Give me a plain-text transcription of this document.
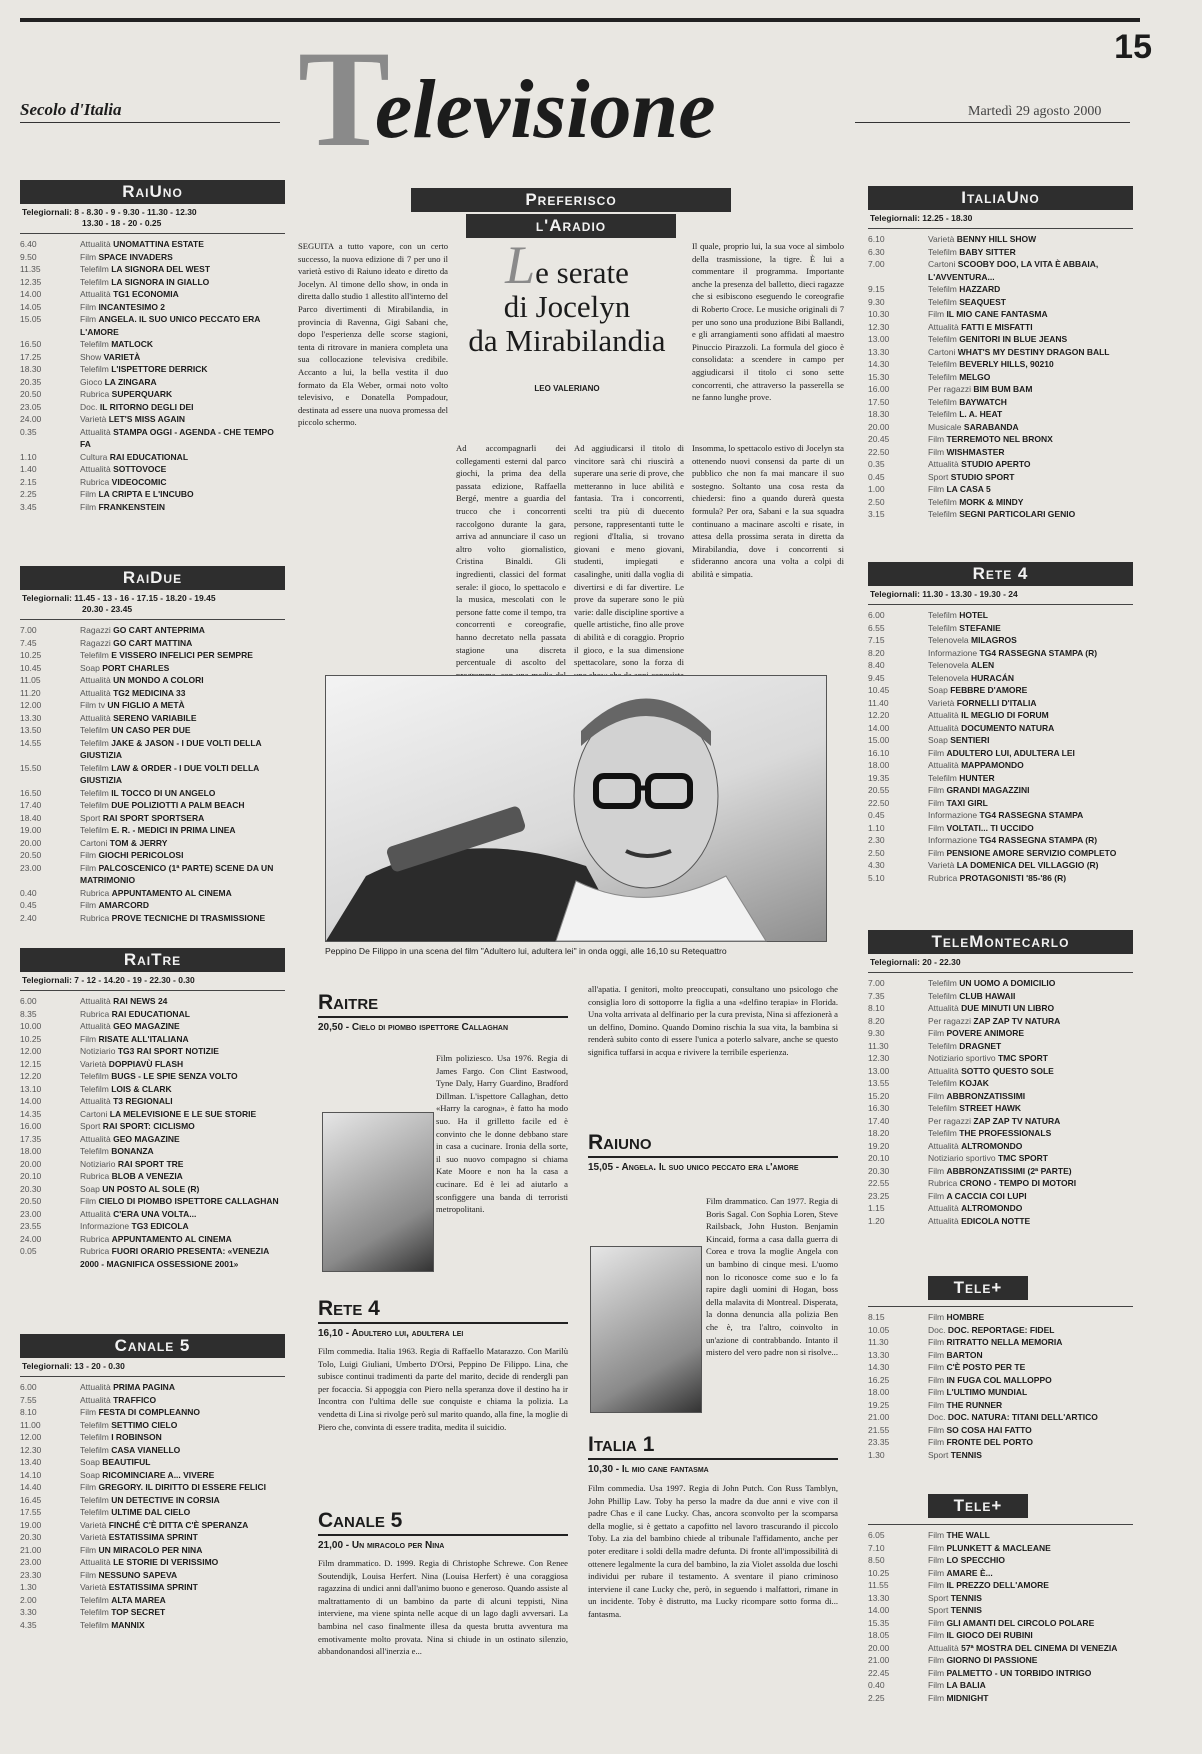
15
Secolo d'Italia T
elevisione	Martedì 29 agosto 2000
RaiUno
Telegiornali: 8 - 8.30 - 9 - 9.30 - 11.30 - 12.30
13.30 - 18 - 20 - 0.25
6.40	Attualità UNOMATTINA ESTATE
9.50	Film SPACE INVADERS
11.35	Telefilm LA SIGNORA DEL WEST
12.35	Telefilm LA SIGNORA IN GIALLO
14.00	Attualità TG1 ECONOMIA
14.05	Film INCANTESIMO 2
15.05	Film ANGELA. IL SUO UNICO PECCATO ERA L'AMORE
16.50	Telefilm MATLOCK
17.25	Show VARIETÀ
18.30	Telefilm L'ISPETTORE DERRICK
20.35	Gioco LA ZINGARA
20.50	Rubrica SUPERQUARK
23.05	Doc. IL RITORNO DEGLI DEI
24.00	Varietà LET'S MISS AGAIN
0.35	Attualità STAMPA OGGI - AGENDA - CHE TEMPO FA
1.10	Cultura RAI EDUCATIONAL
1.40	Attualità SOTTOVOCE
2.15	Rubrica VIDEOCOMIC
2.25	Film LA CRIPTA E L'INCUBO
3.45	Film FRANKENSTEIN
RaiDue
Telegiornali: 11.45 - 13 - 16 - 17.15 - 18.20 - 19.45
20.30 - 23.45
7.00	Ragazzi GO CART ANTEPRIMA
7.45	Ragazzi GO CART MATTINA
10.25	Telefilm E VISSERO INFELICI PER SEMPRE
10.45	Soap PORT CHARLES
11.05	Attualità UN MONDO A COLORI
11.20	Attualità TG2 MEDICINA 33
12.00	Film tv UN FIGLIO A METÀ
13.30	Attualità SERENO VARIABILE
13.50	Telefilm UN CASO PER DUE
14.55	Telefilm JAKE & JASON - I DUE VOLTI DELLA GIUSTIZIA
15.50	Telefilm LAW & ORDER - I DUE VOLTI DELLA GIUSTIZIA
16.50	Telefilm IL TOCCO DI UN ANGELO
17.40	Telefilm DUE POLIZIOTTI A PALM BEACH
18.40	Sport RAI SPORT SPORTSERA
19.00	Telefilm E. R. - MEDICI IN PRIMA LINEA
20.00	Cartoni TOM & JERRY
20.50	Film GIOCHI PERICOLOSI
23.00	Film PALCOSCENICO (1ª PARTE) SCENE DA UN MATRIMONIO
0.40	Rubrica APPUNTAMENTO AL CINEMA
0.45	Film AMARCORD
2.40	Rubrica PROVE TECNICHE DI TRASMISSIONE
RaiTre
Telegiornali: 7 - 12 - 14.20 - 19 - 22.30 - 0.30
6.00	Attualità RAI NEWS 24
8.35	Rubrica RAI EDUCATIONAL
10.00	Attualità GEO MAGAZINE
10.25	Film RISATE ALL'ITALIANA
12.00	Notiziario TG3 RAI SPORT NOTIZIE
12.15	Varietà DOPPIAVÙ FLASH
12.20	Telefilm BUGS - LE SPIE SENZA VOLTO
13.10	Telefilm LOIS & CLARK
14.00	Attualità T3 REGIONALI
14.35	Cartoni LA MELEVISIONE E LE SUE STORIE
16.00	Sport RAI SPORT: CICLISMO
17.35	Attualità GEO MAGAZINE
18.00	Telefilm BONANZA
20.00	Notiziario RAI SPORT TRE
20.10	Rubrica BLOB A VENEZIA
20.30	Soap UN POSTO AL SOLE (R)
20.50	Film CIELO DI PIOMBO ISPETTORE CALLAGHAN
23.00	Attualità C'ERA UNA VOLTA...
23.55	Informazione TG3 EDICOLA
24.00	Rubrica APPUNTAMENTO AL CINEMA
0.05	Rubrica FUORI ORARIO PRESENTA: «VENEZIA 2000 - MAGNIFICA OSSESSIONE 2001»
Canale 5
Telegiornali: 13 - 20 - 0.30
6.00	Attualità PRIMA PAGINA
7.55	Attualità TRAFFICO
8.10	Film FESTA DI COMPLEANNO
11.00	Telefilm SETTIMO CIELO
12.00	Telefilm I ROBINSON
12.30	Telefilm CASA VIANELLO
13.40	Soap BEAUTIFUL
14.10	Soap RICOMINCIARE A... VIVERE
14.40	Film GREGORY. IL DIRITTO DI ESSERE FELICI
16.45	Telefilm UN DETECTIVE IN CORSIA
17.55	Telefilm ULTIME DAL CIELO
19.00	Varietà FINCHÉ C'È DITTA C'È SPERANZA
20.30	Varietà ESTATISSIMA SPRINT
21.00	Film UN MIRACOLO PER NINA
23.00	Attualità LE STORIE DI VERISSIMO
23.30	Film NESSUNO SAPEVA
1.30	Varietà ESTATISSIMA SPRINT
2.00	Telefilm ALTA MAREA
3.30	Telefilm TOP SECRET
4.35	Telefilm MANNIX
ItaliaUno
Telegiornali: 12.25 - 18.30
6.10	Varietà BENNY HILL SHOW
6.30	Telefilm BABY SITTER
7.00	Cartoni SCOOBY DOO, LA VITA È ABBAIA, L'AVVENTURA...
9.15	Telefilm HAZZARD
9.30	Telefilm SEAQUEST
10.30	Film IL MIO CANE FANTASMA
12.30	Attualità FATTI E MISFATTI
13.00	Telefilm GENITORI IN BLUE JEANS
13.30	Cartoni WHAT'S MY DESTINY DRAGON BALL
14.30	Telefilm BEVERLY HILLS, 90210
15.30	Telefilm MELGO
16.00	Per ragazzi BIM BUM BAM
17.50	Telefilm BAYWATCH
18.30	Telefilm L. A. HEAT
20.00	Musicale SARABANDA
20.45	Film TERREMOTO NEL BRONX
22.50	Film WISHMASTER
0.35	Attualità STUDIO APERTO
0.45	Sport STUDIO SPORT
1.00	Film LA CASA 5
2.50	Telefilm MORK & MINDY
3.15	Telefilm SEGNI PARTICOLARI GENIO
Rete 4
Telegiornali: 11.30 - 13.30 - 19.30 - 24
6.00	Telefilm HOTEL
6.55	Telefilm STEFANIE
7.15	Telenovela MILAGROS
8.20	Informazione TG4 RASSEGNA STAMPA (R)
8.40	Telenovela ALEN
9.45	Telenovela HURACÁN
10.45	Soap FEBBRE D'AMORE
11.40	Varietà FORNELLI D'ITALIA
12.20	Attualità IL MEGLIO DI FORUM
14.00	Attualità DOCUMENTO NATURA
15.00	Soap SENTIERI
16.10	Film ADULTERO LUI, ADULTERA LEI
18.00	Attualità MAPPAMONDO
19.35	Telefilm HUNTER
20.55	Film GRANDI MAGAZZINI
22.50	Film TAXI GIRL
0.45	Informazione TG4 RASSEGNA STAMPA
1.10	Film VOLTATI... TI UCCIDO
2.30	Informazione TG4 RASSEGNA STAMPA (R)
2.50	Film PENSIONE AMORE SERVIZIO COMPLETO
4.30	Varietà LA DOMENICA DEL VILLAGGIO (R)
5.10	Rubrica PROTAGONISTI '85-'86 (R)
TeleMontecarlo
Telegiornali: 20 - 22.30
7.00	Telefilm UN UOMO A DOMICILIO
7.35	Telefilm CLUB HAWAII
8.10	Attualità DUE MINUTI UN LIBRO
8.20	Per ragazzi ZAP ZAP TV NATURA
9.30	Film POVERE ANIMORE
11.30	Telefilm DRAGNET
12.30	Notiziario sportivo TMC SPORT
13.00	Attualità SOTTO QUESTO SOLE
13.55	Telefilm KOJAK
15.20	Film ABBRONZATISSIMI
16.30	Telefilm STREET HAWK
17.40	Per ragazzi ZAP ZAP TV NATURA
18.20	Telefilm THE PROFESSIONALS
19.20	Attualità ALTROMONDO
20.10	Notiziario sportivo TMC SPORT
20.30	Film ABBRONZATISSIMI (2ª PARTE)
22.55	Rubrica CRONO - TEMPO DI MOTORI
23.25	Film A CACCIA COI LUPI
1.15	Attualità ALTROMONDO
1.20	Attualità EDICOLA NOTTE
Tele+
8.15	Film HOMBRE
10.05	Doc. DOC. REPORTAGE: FIDEL
11.30	Film RITRATTO NELLA MEMORIA
13.30	Film BARTON
14.30	Film C'È POSTO PER TE
16.25	Film IN FUGA COL MALLOPPO
18.00	Film L'ULTIMO MUNDIAL
19.25	Film THE RUNNER
21.00	Doc. DOC. NATURA: TITANI DELL'ARTICO
21.55	Film SO COSA HAI FATTO
23.35	Film FRONTE DEL PORTO
1.30	Sport TENNIS
Tele+
6.05	Film THE WALL
7.10	Film PLUNKETT & MACLEANE
8.50	Film LO SPECCHIO
10.25	Film AMARE È...
11.55	Film IL PREZZO DELL'AMORE
13.30	Sport TENNIS
14.00	Sport TENNIS
15.35	Film GLI AMANTI DEL CIRCOLO POLARE
18.05	Film IL GIOCO DEI RUBINI
20.00	Attualità 57ª MOSTRA DEL CINEMA DI VENEZIA
21.00	Film GIORNO DI PASSIONE
22.45	Film PALMETTO - UN TORBIDO INTRIGO
0.40	Film LA BALIA
2.25	Film MIDNIGHT
Preferisco
l'Aradio
SEGUITA a tutto vapore, con un certo successo, la nuova edizione di 7 per uno il varietà estivo di Raiuno ideato e diretto da Jocelyn. Al timone dello show, in onda in diretta dallo studio 1 allestito all'interno del Parco divertimenti di Mirabilandia, in provincia di Ravenna, Gigi Sabani che, dopo l'esperienza delle scorse stagioni, tenta di ritrovare in maniera completa una sua collocazione televisiva credibile. Accanto a lui, la bella vestita il duo formato da Ela Weber, ormai noto volto televisivo, e Donatella Pompadour, destinata ad essere una nuova promessa del piccolo schermo.
Le serate
di Jocelyn
da Mirabilandia
LEO VALERIANO
Ad accompagnarli dei collegamenti esterni dal parco giochi, la prima dea della passata edizione, Raffaella Bergé, mentre a guardia del trucco che i concorrenti raccolgono durante la gara, arriva ad annunciare il caso un altro volto giornalistico, Cristina Binaldi. Gli ingredienti, classici del format serale: il gioco, lo spettacolo e la musica, mescolati con le persone fatte come il tempo, tra concorrenti e coreografie, hanno decretato nella passata stagione una discreta percentuale di ascolto del
Ad aggiudicarsi il titolo di vincitore sarà chi riuscirà a superare una serie di prove, che metteranno in luce abilità e fantasia. Tra i concorrenti, scelti tra più di duecento persone, rappresentanti tutte le regioni d'Italia, si trovano giovani e meno giovani, studenti, impiegati e casalinghe, uniti dalla voglia di divertirsi e di far divertire. Le prove da superare sono le più varie: dalle discipline sportive a quelle artistiche, fino alle prove di abilità e di coraggio. Proprio il gioco, e la sua dimensione spettacolare, sono la forza di
Il quale, proprio lui, la sua voce al simbolo della trasmissione, la tigre. È lui a commentare il programma. Importante anche la presenza del balletto, dieci ragazze che si esibiscono eseguendo le coreografie di Roberto Croce. Le musiche originali di 7 per uno sono una produzione Bibi Ballandi, e gli arrangiamenti sono affidati al maestro Pinuccio Pirazzoli. La formula del gioco è consolidata: a scendere in campo per aggiudicarsi il titolo ci sono sette concorrenti, che attraverso la passerella se ne fanno lunghe prove.
Insomma, lo spettacolo estivo di Jocelyn sta ottenendo nuovi consensi da parte di un pubblico che non fa mai mancare il suo sostegno. Soltanto una cosa resta da chiedersi: fino a quando durerà questa formula? Per ora, Sabani e la sua squadra continuano a macinare ascolti e risate, in attesa della prossima serata in diretta da Mirabilandia, dove i concorrenti si sfideranno ancora una volta a colpi di abilità e simpatia.
Peppino De Filippo in una scena del film "Adultero lui, adultera lei" in onda oggi, alle 16,10 su Retequattro
Raitre
20,50 - Cielo di piombo ispettore Callaghan
Film poliziesco. Usa 1976. Regia di James Fargo. Con Clint Eastwood, Tyne Daly, Harry Guardino, Bradford Dillman. L'ispettore Callaghan, detto «Harry la carogna», è fatto ha modo suo. Ha il grilletto facile ed è convinto che le donne debbano stare in casa a cucinare. Ironia della sorte, il suo nuovo compagno si chiama Kate Moore e non ha la casa a cucinare. Ed è lei ad aiutarlo a sconfiggere una banda di terroristi metropolitani.
Rete 4
16,10 - Adultero lui, adultera lei
Film commedia. Italia 1963. Regia di Raffaello Matarazzo. Con Marilù Tolo, Luigi Giuliani, Umberto D'Orsi, Peppino De Filippo. Lina, che subisce continui tradimenti da parte del marito, decide di rendergli pan per focaccia. Si appoggia con Piero nella speranza dove il destino ha ir Incontra con l'ultima delle sue conquiste e chiama la polizia. La vendetta di Lina si rivolge però sul marito quando, alla fine, la moglie di Piero che, convinta di essere tradita, medita il suicidio.
Canale 5
21,00 - Un miracolo per Nina
Film drammatico. D. 1999. Regia di Christophe Schrewe. Con Renee Soutendijk, Louisa Herfert. Nina (Louisa Herfert) è una coraggiosa ragazzina di undici anni dall'animo buono e generoso. Quando assiste al maltrattamento di un bambino da parte di alcuni teppisti, Nina interviene, ma viene spinta nelle acque di un lago dagli avversari. La bambina nel caso finalmente illesa da questa brutta avventura ma emotivamente molto provata. Nina si chiude in un ostinato silenzio, abbandonandosi all'inerzia e...
all'apatia. I genitori, molto preoccupati, consultano uno psicologo che consiglia loro di sottoporre la figlia a una «delfino terapia» in Florida. Una volta arrivata al delfinario per la cura prevista, Nina si affezionerà a un delfino, Domino. Quando Domino rischia la sua vita, la bambina si renderà subito conto di essere l'unica a poterlo salvare, anche se questo significa tuffarsi in acqua e rivivere la terribile esperienza.
Raiuno
15,05 - Angela. Il suo unico peccato era l'amore
Film drammatico. Can 1977. Regia di Boris Sagal. Con Sophia Loren, Steve Railsback, John Huston. Benjamin Kincaid, forma a casa dalla guerra di Corea e trova la moglie Angela con un bambino di cinque mesi. L'uomo non lo riconosce come suo e lo fa rapire dagli uomini di Hogan, boss della malavita di Montreal. Disperata, la donna denuncia alla polizia Ben che è, tra l'altro, coinvolto in un'azione di contrabbando. Intanto il mistero del vero padre non si risolve...
Italia 1
10,30 - Il mio cane fantasma
Film commedia. Usa 1997. Regia di John Putch. Con Russ Tamblyn, John Phillip Law. Toby ha perso la madre da due anni e vive con il padre Chas e il cane Lucky. Chas, ancora sconvolto per la scomparsa della moglie, si è gettato a capofitto nel lavoro trascurando il piccolo Toby. La zia del bambino chiede al tribunale l'affidamento, anche per poter ereditare i soldi della madre defunta. Di fronte all'impossibilità di ottenere legalmente la cura del bambino, la zia Violet assolda due loschi individui per rubare il testamento. A sventare il piano criminoso interviene il cane Lucky che, però, in seguendo i malfattori, rimane in un incidente. Toby è distrutto, ma Lucky ricompare sotto forma di... fantasma.
